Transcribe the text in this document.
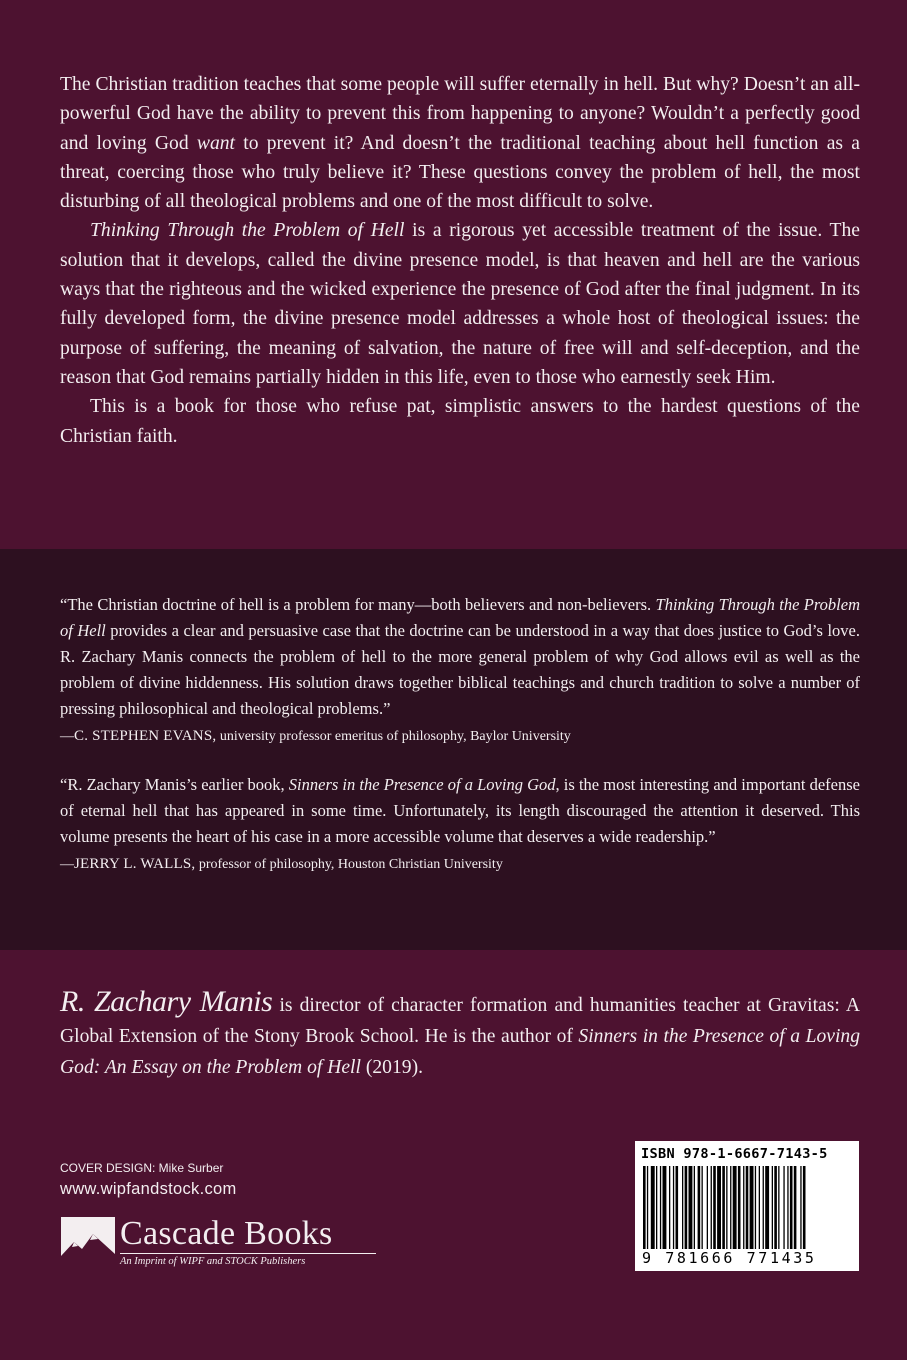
The Christian tradition teaches that some people will suffer eternally in hell. But why? Doesn’t an all-powerful God have the ability to prevent this from happening to anyone? Wouldn’t a perfectly good and loving God want to prevent it? And doesn’t the traditional teaching about hell function as a threat, coercing those who truly believe it? These questions convey the problem of hell, the most disturbing of all theological problems and one of the most difficult to solve.

Thinking Through the Problem of Hell is a rigorous yet accessible treatment of the issue. The solution that it develops, called the divine presence model, is that heaven and hell are the various ways that the righteous and the wicked experience the presence of God after the final judgment. In its fully developed form, the divine presence model addresses a whole host of theological issues: the purpose of suffering, the meaning of salvation, the nature of free will and self-deception, and the reason that God remains partially hidden in this life, even to those who earnestly seek Him.

This is a book for those who refuse pat, simplistic answers to the hardest questions of the Christian faith.

“The Christian doctrine of hell is a problem for many—both believers and non-believers. Thinking Through the Problem of Hell provides a clear and persuasive case that the doctrine can be understood in a way that does justice to God’s love. R. Zachary Manis connects the problem of hell to the more general problem of why God allows evil as well as the problem of divine hiddenness. His solution draws together biblical teachings and church tradition to solve a number of pressing philosophical and theological problems.”

—C. STEPHEN EVANS, university professor emeritus of philosophy, Baylor University

“R. Zachary Manis’s earlier book, Sinners in the Presence of a Loving God, is the most interesting and important defense of eternal hell that has appeared in some time. Unfortunately, its length discouraged the attention it deserved. This volume presents the heart of his case in a more accessible volume that deserves a wide readership.”

—JERRY L. WALLS, professor of philosophy, Houston Christian University

R. Zachary Manis is director of character formation and humanities teacher at Gravitas: A Global Extension of the Stony Brook School. He is the author of Sinners in the Presence of a Loving God: An Essay on the Problem of Hell (2019).

COVER DESIGN: Mike Surber
www.wipfandstock.com
Cascade Books
An Imprint of WIPF and STOCK Publishers
ISBN 978-1-6667-7143-5
9 781666 771435
